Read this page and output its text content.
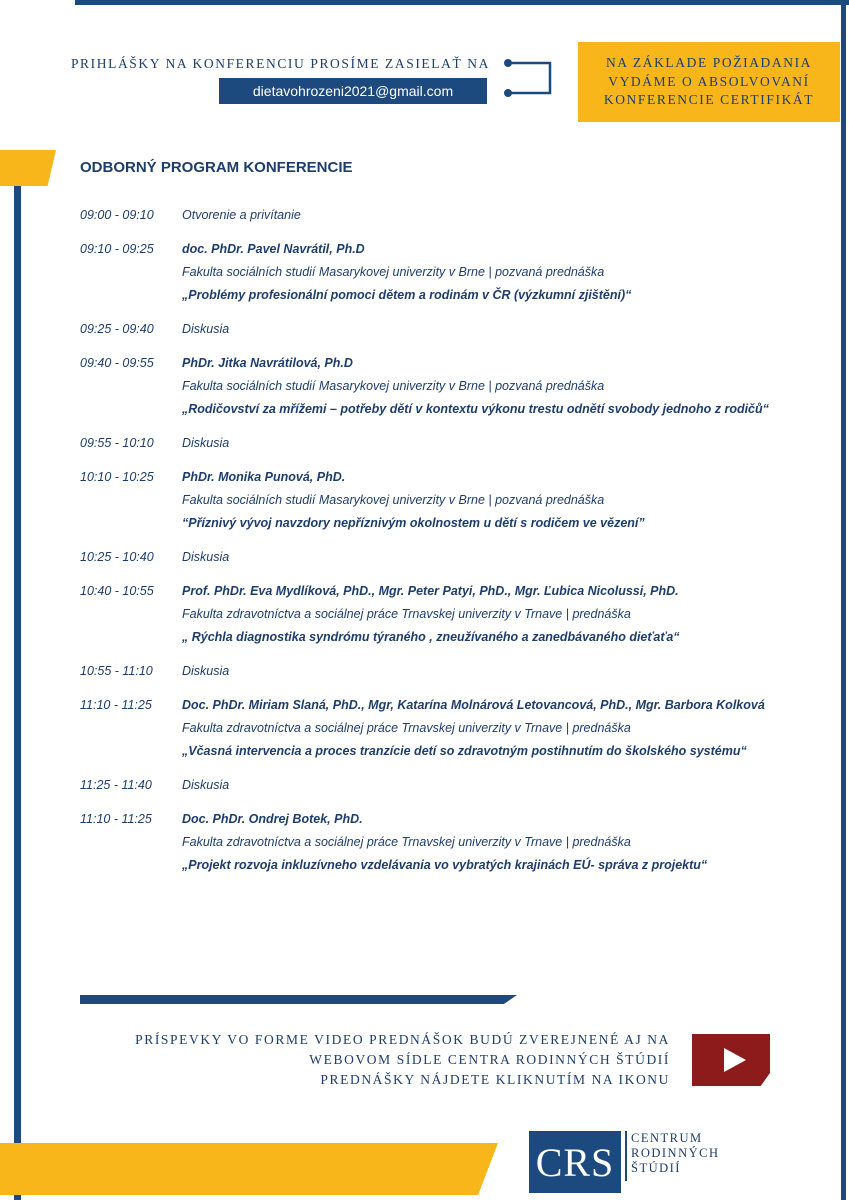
PRIHLÁŠKY NA KONFERENCIU PROSÍME ZASIELAŤ NA
dietavohrozeni2021@gmail.com
NA ZÁKLADE POŽIADANIA
VYDÁME O ABSOLVOVANÍ
KONFERENCIE CERTIFIKÁT
ODBORNÝ PROGRAM KONFERENCIE
09:00 - 09:10	Otvorenie a privítanie
09:10 - 09:25	doc. PhDr. Pavel Navrátil, Ph.D
Fakulta sociálních studií Masarykovej univerzity v Brne | pozvaná prednáška
„Problémy profesionální pomoci dětem a rodinám v ČR (výzkumní zjištění)“
09:25 - 09:40	Diskusia
09:40 - 09:55	PhDr. Jitka Navrátilová, Ph.D
Fakulta sociálních studií Masarykovej univerzity v Brne | pozvaná prednáška
„Rodičovství za mřížemi – potřeby dětí v kontextu výkonu trestu odnětí svobody jednoho z rodičů“
09:55 - 10:10	Diskusia
10:10 - 10:25	PhDr. Monika Punová, PhD.
Fakulta sociálních studií Masarykovej univerzity v Brne | pozvaná prednáška
“Příznivý vývoj navzdory nepříznivým okolnostem u dětí s rodičem ve vězení”
10:25 - 10:40	Diskusia
10:40 - 10:55	Prof. PhDr. Eva Mydlíková, PhD., Mgr. Peter Patyi, PhD., Mgr. Ľubica Nicolussi, PhD.
Fakulta zdravotníctva a sociálnej práce Trnavskej univerzity v Trnave | prednáška
„ Rýchla diagnostika syndrómu týraného , zneužívaného a zanedbávaného dieťaťa“
10:55 - 11:10	Diskusia
11:10 - 11:25	Doc. PhDr. Miriam Slaná, PhD., Mgr, Katarína Molnárová Letovancová, PhD., Mgr. Barbora Kolková
Fakulta zdravotníctva a sociálnej práce Trnavskej univerzity v Trnave | prednáška
„Včasná intervencia a proces tranzície detí so zdravotným postihnutím do školského systému“
11:25 - 11:40	Diskusia
11:10 - 11:25	Doc. PhDr. Ondrej Botek, PhD.
Fakulta zdravotníctva a sociálnej práce Trnavskej univerzity v Trnave | prednáška
„Projekt rozvoja inkluzívneho vzdelávania vo vybratých krajinách EÚ- správa z projektu“
PRÍSPEVKY VO FORME VIDEO PREDNÁŠOK BUDÚ ZVEREJNENÉ AJ NA
WEBOVOM SÍDLE CENTRA RODINNÝCH ŠTÚDIÍ
PREDNÁŠKY NÁJDETE KLIKNUTÍM NA IKONU
CRS
CENTRUM
RODINNÝCH
ŠTÚDIÍ
